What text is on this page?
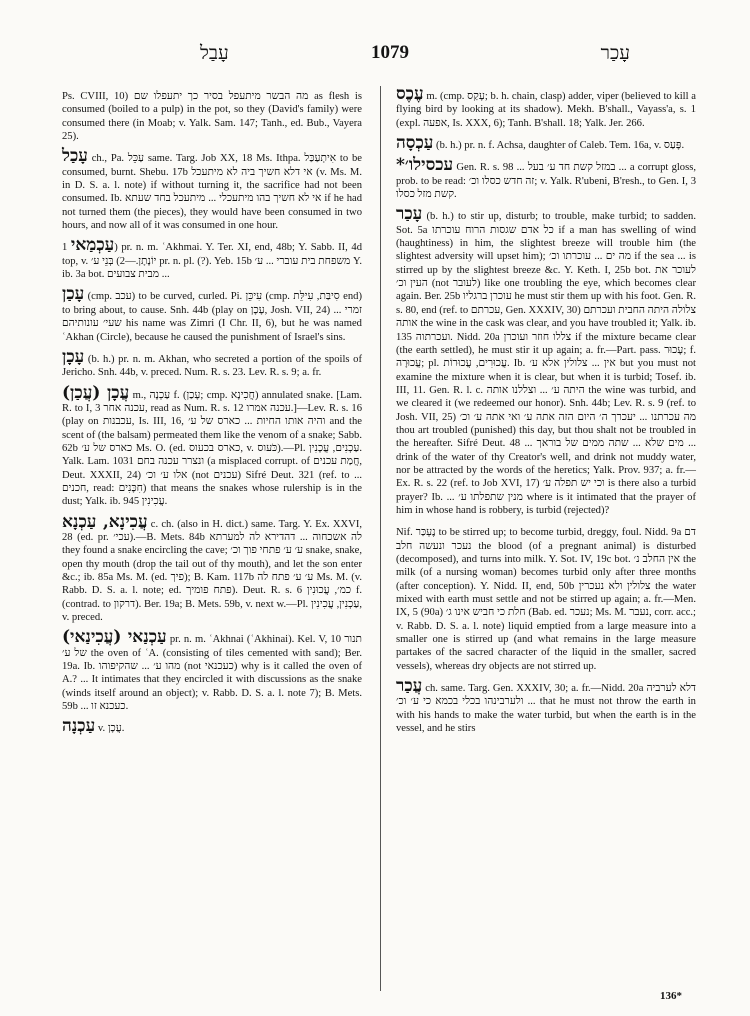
עָבַל	1079	עָכַר

Ps. CVIII, 10) מה הבשר מיתעפל בסיר כך יתעפלו שם as flesh is consumed (boiled to a pulp) in the pot, so they (David's family) were consumed there (in Moab; v. Yalk. Sam. 147; Tanh., ed. Bub., Vayera 25).

עָכַל ch., Pa. עַכֵּל same. Targ. Job XX, 18 Ms. Ithpa. אִיתְעַכַּל to be consumed, burnt. Shebu. 17b אי דלא חשיך ביה לא מיתעכל (v. Ms. M. in D. S. a. l. note) if without turning it, the sacrifice had not been consumed. Ib. אי לא חשיך בהו מיתעכלי ... מיתעכל בחד שעתא if he had not turned them (the pieces), they would have been consumed in two hours, and now all of it was consumed in one hour.

עַכְמַאי 1) pr. n. m. ʿAkhmai. Y. Ter. XI, end, 48b; Y. Sabb. II, 4d top, v. יוֹנָתָן.—2) בְּנֵי ע׳ pr. n. pl. (?). Yeb. 15b משפחת בית עוברי ... ע׳ Y. ib. 3a bot. מבית צבועים ...

עָכַן (cmp. עכב) to be curved, curled. Pi. עִיכֵּן (cmp. סִיבַּת, עִילֵּת end) to bring about, to cause. Snh. 44b (play on עָכָן, Josh. VII, 24) זמרי ... שעי׳ עונותיהם his name was Zimri (I Chr. II, 6), but he was named ʿAkhan (Circle), because he caused the punishment of Israel's sins.

עָכָן (b. h.) pr. n. m. Akhan, who secreted a portion of the spoils of Jericho. Snh. 44b, v. preced. Num. R. s. 23. Lev. R. s. 9; a. fr.

(עֲכַן) עֲכָן m., עַכְנָה f. (עָכַן; cmp. חֲכִינָא) annulated snake. [Lam. R. to I, 3 עכנה אחר, read as Num. R. s. 12 עכנה אמרו.]—Lev. R. s. 16 (play on עכבנות, Is. III, 16, והיה אותו החיות ... כארס של ע׳ and the scent of (the balsam) permeated them like the venom of a snake; Sabb. 62b כארס של ע׳ Ms. O. (ed. כארס בכעוס, v. כֹּעוס).—Pl. עַכְנִים, עֲכָנִין. Yalk. Lam. 1031 ונצרר עכנה בחם (a misplaced corrupt. of חֲמַת עכנים, Deut. XXXII, 24) אלו ע׳ וכ׳ (not עכנים) Sifré Deut. 321 (ref. to ... חכנים, read: חִכָּנִים) that means the snakes whose rulership is in the dust; Yalk. ib. 945 עֲכִינִין.

עֲכִינָא, עַכְנָא c. ch. (also in H. dict.) same. Targ. Y. Ex. XXVI, 28 (ed. pr. עכי׳).—B. Mets. 84b לה אשכחוה ... דהדירא לה למערתא they found a snake encircling the cave; ע׳ ע׳ פתחי פוך וכ׳ snake, snake, open thy mouth (drop the tail out of thy mouth), and let the son enter &c.; ib. 85a Ms. M. (ed. פיך); B. Kam. 117b ע׳ ע׳ פתח לה Ms. M. (v. Rabb. D. S. a. l. note; ed. פתח פומיך). Deut. R. s. 6 כמ׳, עֲכוּנִין f. (contrad. to דרקון). Ber. 19a; B. Mets. 59b, v. next w.—Pl. עַכְנִין, עֲכִינִין, v. preced.

(עֲכִינַאי) עַכְנַאי pr. n. m. ʿAkhnai (ʿAkhinai). Kel. V, 10 תנור של ע׳ the oven of ʿA. (consisting of tiles cemented with sand); Ber. 19a. Ib. מהו ע׳ ... שהקיפוהו (not כעכנאי) why is it called the oven of A.? ... It intimates that they encircled it with discussions as the snake (winds itself around an object); v. Rabb. D. S. a. l. note 7); B. Mets. 59b ... כעכנא זו.

עַכְנָה v. עֲכָן.

עֶכֶס m. (cmp. עָקַס; b. h. chain, clasp) adder, viper (believed to kill a flying bird by looking at its shadow). Mekh. B'shall., Vayass'a, s. 1 (expl. אפעה, Is. XXX, 6); Tanh. B'shall. 18; Yalk. Jer. 266.

עַכְסָה (b. h.) pr. n. f. Achsa, daughter of Caleb. Tem. 16a, v. פָּעַס.

*עכסילו׳ Gen. R. s. 98 ... במזל קשת חד ע׳ בעל ... a corrupt gloss, prob. to be read: זה חדש כסלו וכ׳; v. Yalk. R'ubeni, B'resh., to Gen. I, 3 קשת מזל כסלו.

עָכַר (b. h.) to stir up, disturb; to trouble, make turbid; to sadden. Sot. 5a כל אדם שגסות הרוח עוכרתו if a man has swelling of wind (haughtiness) in him, the slightest breeze will trouble him (the slightest adversity will upset him); מה ים ... עוכרתו וכ׳ if the sea ... is stirred up by the slightest breeze &c. Y. Keth. I, 25b bot. לעוכר את העין וכ׳ (not לעובר) like one troubling the eye, which becomes clear again. Ber. 25b עוכרן ברגליו he must stir them up with his foot. Gen. R. s. 80, end (ref. to עכרתם, Gen. XXXIV, 30) צלולה היתה החבית ועכרתם אותה the wine in the cask was clear, and you have troubled it; Yalk. ib. 135 ועכרתוה. Nidd. 20a צללו חוזר ועוכרן if the mixture became clear (the earth settled), he must stir it up again; a. fr.—Part. pass. עָכוּר; f. עֲכוּרָה; pl. עֲכוּרִים, עֲכוּרוֹת. Ib. אין ... צלולין אלא ע׳ but you must not examine the mixture when it is clear, but when it is turbid; Tosef. ib. III, 11. Gen. R. l. c. היתה ע׳ ... וצללנו אותה the wine was turbid, and we cleared it (we redeemed our honor). Snh. 44b; Lev. R. s. 9 (ref. to Josh. VII, 25) מה עכרתנו ... יעכרך ה׳ היום הזה אתה ע׳ ואי אתה ע׳ וכ׳ thou art troubled (punished) this day, but thou shalt not be troubled in the hereafter. Sifré Deut. 48 ... מים שלא ... שתה ממים של בוראך ... drink of the water of thy Creator's well, and drink not muddy water, nor be attracted by the words of the heretics; Yalk. Prov. 937; a. fr.—Ex. R. s. 22 (ref. to Job XVI, 17) וכי יש תפלה ע׳ is there also a turbid prayer? Ib. ... מנין שתפלתו ע׳ where is it intimated that the prayer of him in whose hand is robbery, is turbid (rejected)?

Nif. נֶעְכַּר to be stirred up; to become turbid, dreggy, foul. Nidd. 9a דם נעכר ונעשה חלב the blood (of a pregnant animal) is disturbed (decomposed), and turns into milk. Y. Sot. IV, 19c bot. אין החלב נ׳ the milk (of a nursing woman) becomes turbid only after three months (after conception). Y. Nidd. II, end, 50b צלולין ולא נעכרין the water mixed with earth must settle and not be stirred up again; a. fr.—Men. IX, 5 (90a) חלת כי חביש אינו ג׳ (Bab. ed. נעכר; Ms. M. נעבר, corr. acc.; v. Rabb. D. S. a. l. note) liquid emptied from a large measure into a smaller one is stirred up (and what remains in the large measure partakes of the sacred character of the liquid in the smaller, sacred vessels), whereas dry objects are not stirred up.

עֲכַר ch. same. Targ. Gen. XXXIV, 30; a. fr.—Nidd. 20a דלא לערביה ... ולערבינהו בכלי בכמא כי ע׳ וכ׳ that he must not throw the earth in with his hands to make the water turbid, but when the earth is in the vessel, and he stirs

136*
